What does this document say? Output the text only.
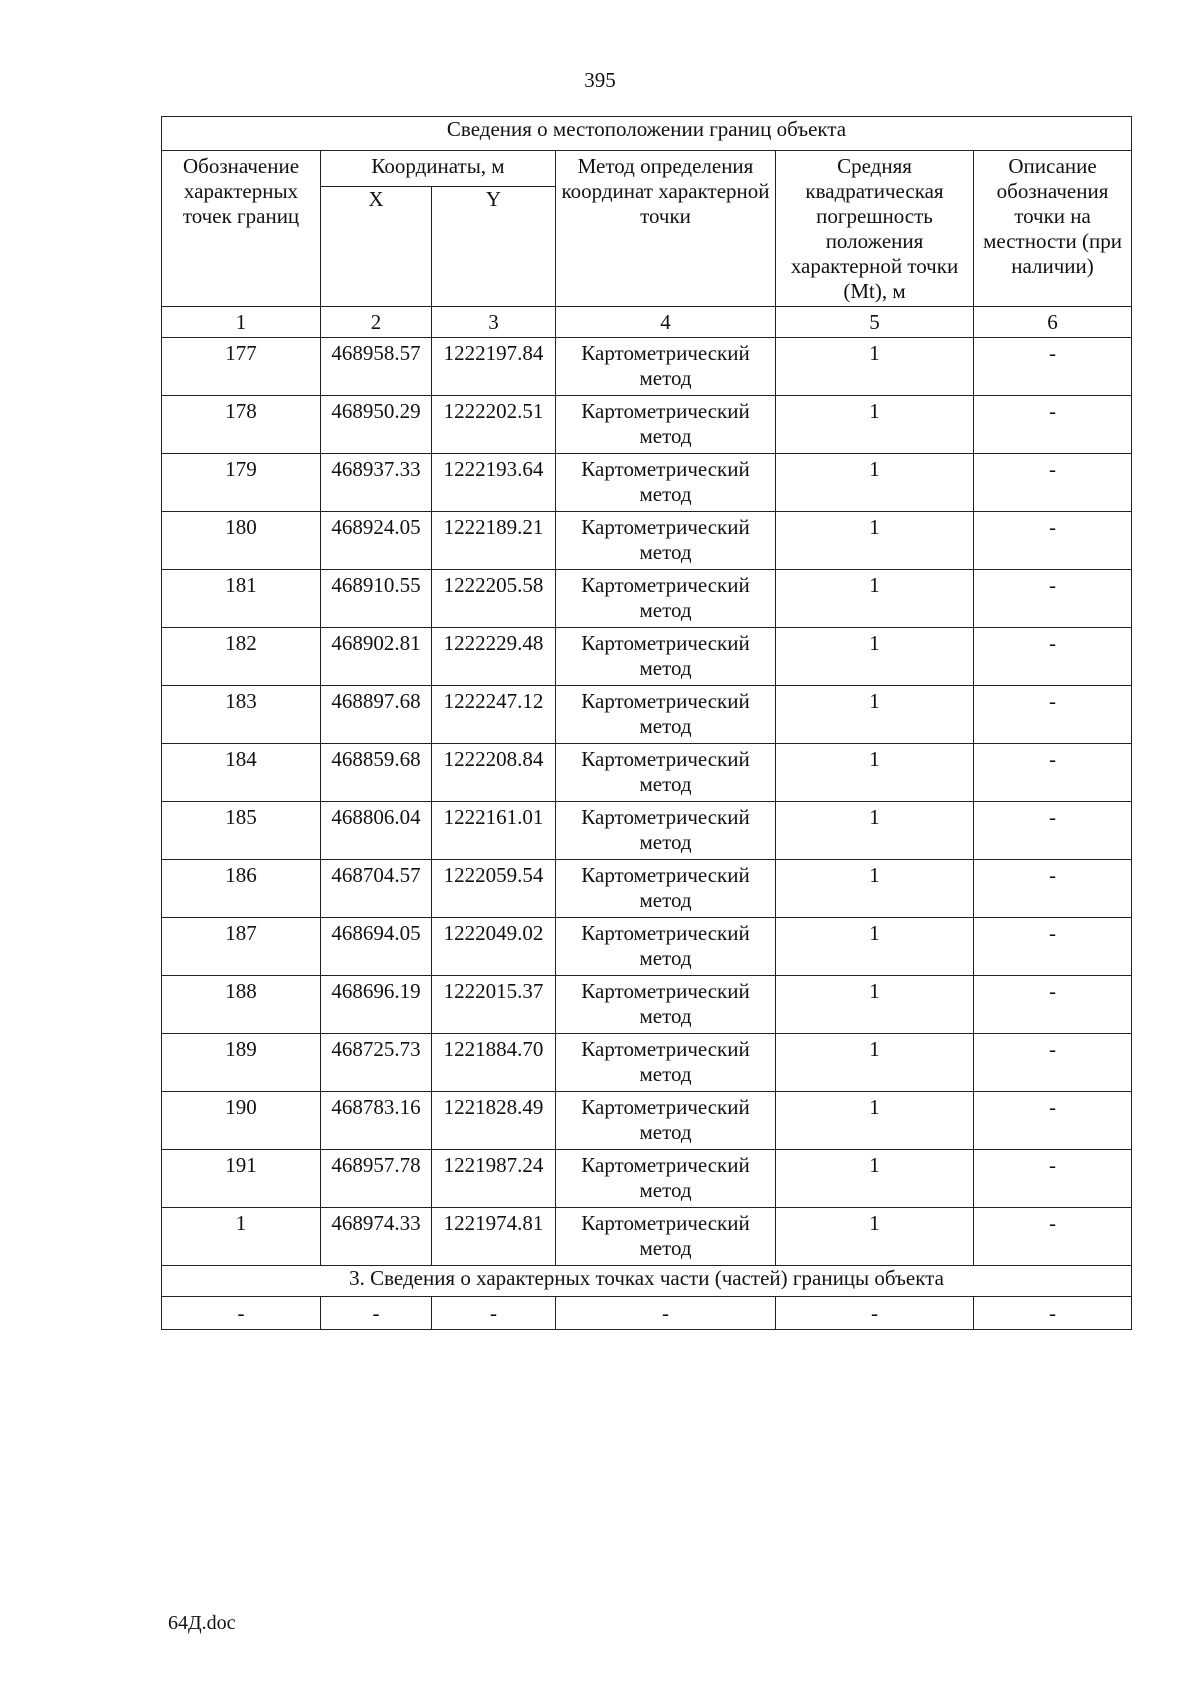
395
Сведения о местоположении границ объекта					
Обозначение характерных точек границ	Координаты, м		Метод определения координат характерной точки	Средняя квадратическая погрешность положения характерной точки (Mt), м	Описание обозначения точки на местности (при наличии)
	X	Y			
1	2	3	4	5	6
177	468958.57	1222197.84	Картометрический метод	1	-
178	468950.29	1222202.51	Картометрический метод	1	-
179	468937.33	1222193.64	Картометрический метод	1	-
180	468924.05	1222189.21	Картометрический метод	1	-
181	468910.55	1222205.58	Картометрический метод	1	-
182	468902.81	1222229.48	Картометрический метод	1	-
183	468897.68	1222247.12	Картометрический метод	1	-
184	468859.68	1222208.84	Картометрический метод	1	-
185	468806.04	1222161.01	Картометрический метод	1	-
186	468704.57	1222059.54	Картометрический метод	1	-
187	468694.05	1222049.02	Картометрический метод	1	-
188	468696.19	1222015.37	Картометрический метод	1	-
189	468725.73	1221884.70	Картометрический метод	1	-
190	468783.16	1221828.49	Картометрический метод	1	-
191	468957.78	1221987.24	Картометрический метод	1	-
1	468974.33	1221974.81	Картометрический метод	1	-
3. Сведения о характерных точках части (частей) границы объекта					
-	-	-	-	-	-
64Д.doc
